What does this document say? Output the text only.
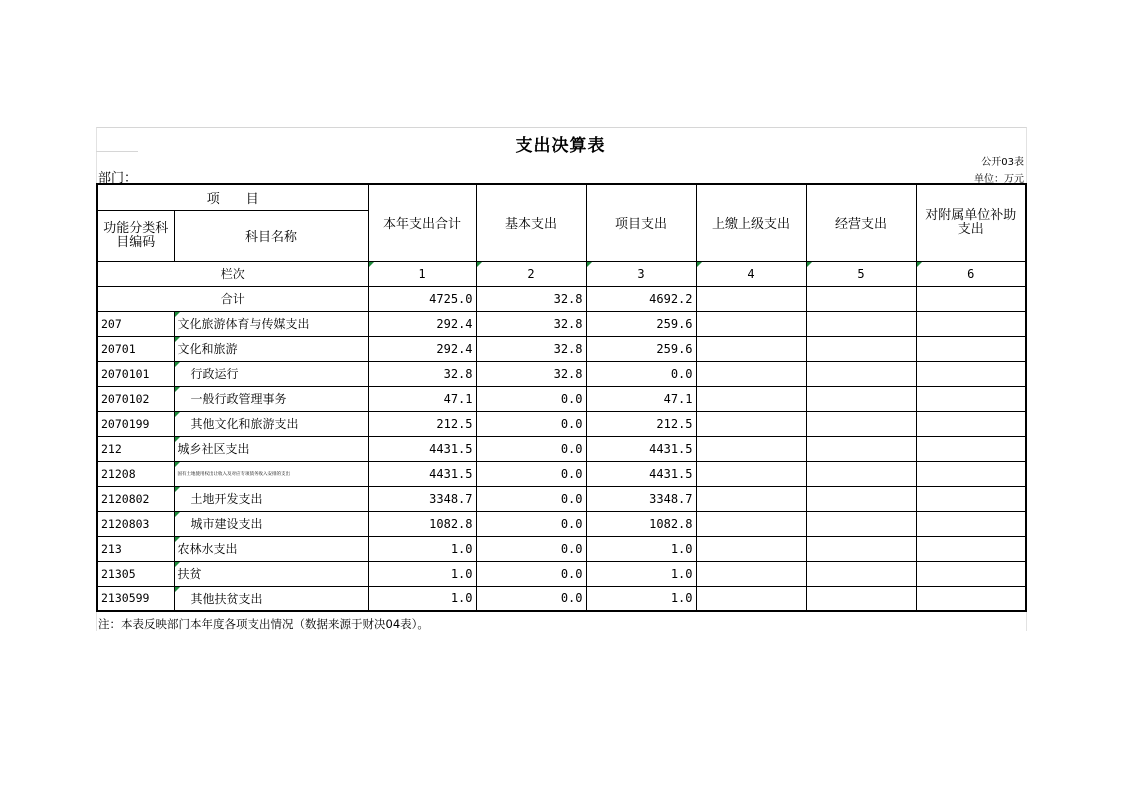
支出决算表
公开03表
单位：万元
部门：
项　　目		本年支出合计	基本支出	项目支出	上缴上级支出	经营支出	对附属单位补助支出
功能分类科目编码	科目名称						
栏次		1	2	3	4	5	6
合计		4725.0	32.8	4692.2			
207	文化旅游体育与传媒支出	292.4	32.8	259.6			
20701	文化和旅游	292.4	32.8	259.6			
2070101	行政运行	32.8	32.8	0.0			
2070102	一般行政管理事务	47.1	0.0	47.1			
2070199	其他文化和旅游支出	212.5	0.0	212.5			
212	城乡社区支出	4431.5	0.0	4431.5			
21208	国有土地使用权出让收入及对应专项债务收入安排的支出	4431.5	0.0	4431.5			
2120802	土地开发支出	3348.7	0.0	3348.7			
2120803	城市建设支出	1082.8	0.0	1082.8			
213	农林水支出	1.0	0.0	1.0			
21305	扶贫	1.0	0.0	1.0			
2130599	其他扶贫支出	1.0	0.0	1.0			
注：本表反映部门本年度各项支出情况（数据来源于财决04表）。
